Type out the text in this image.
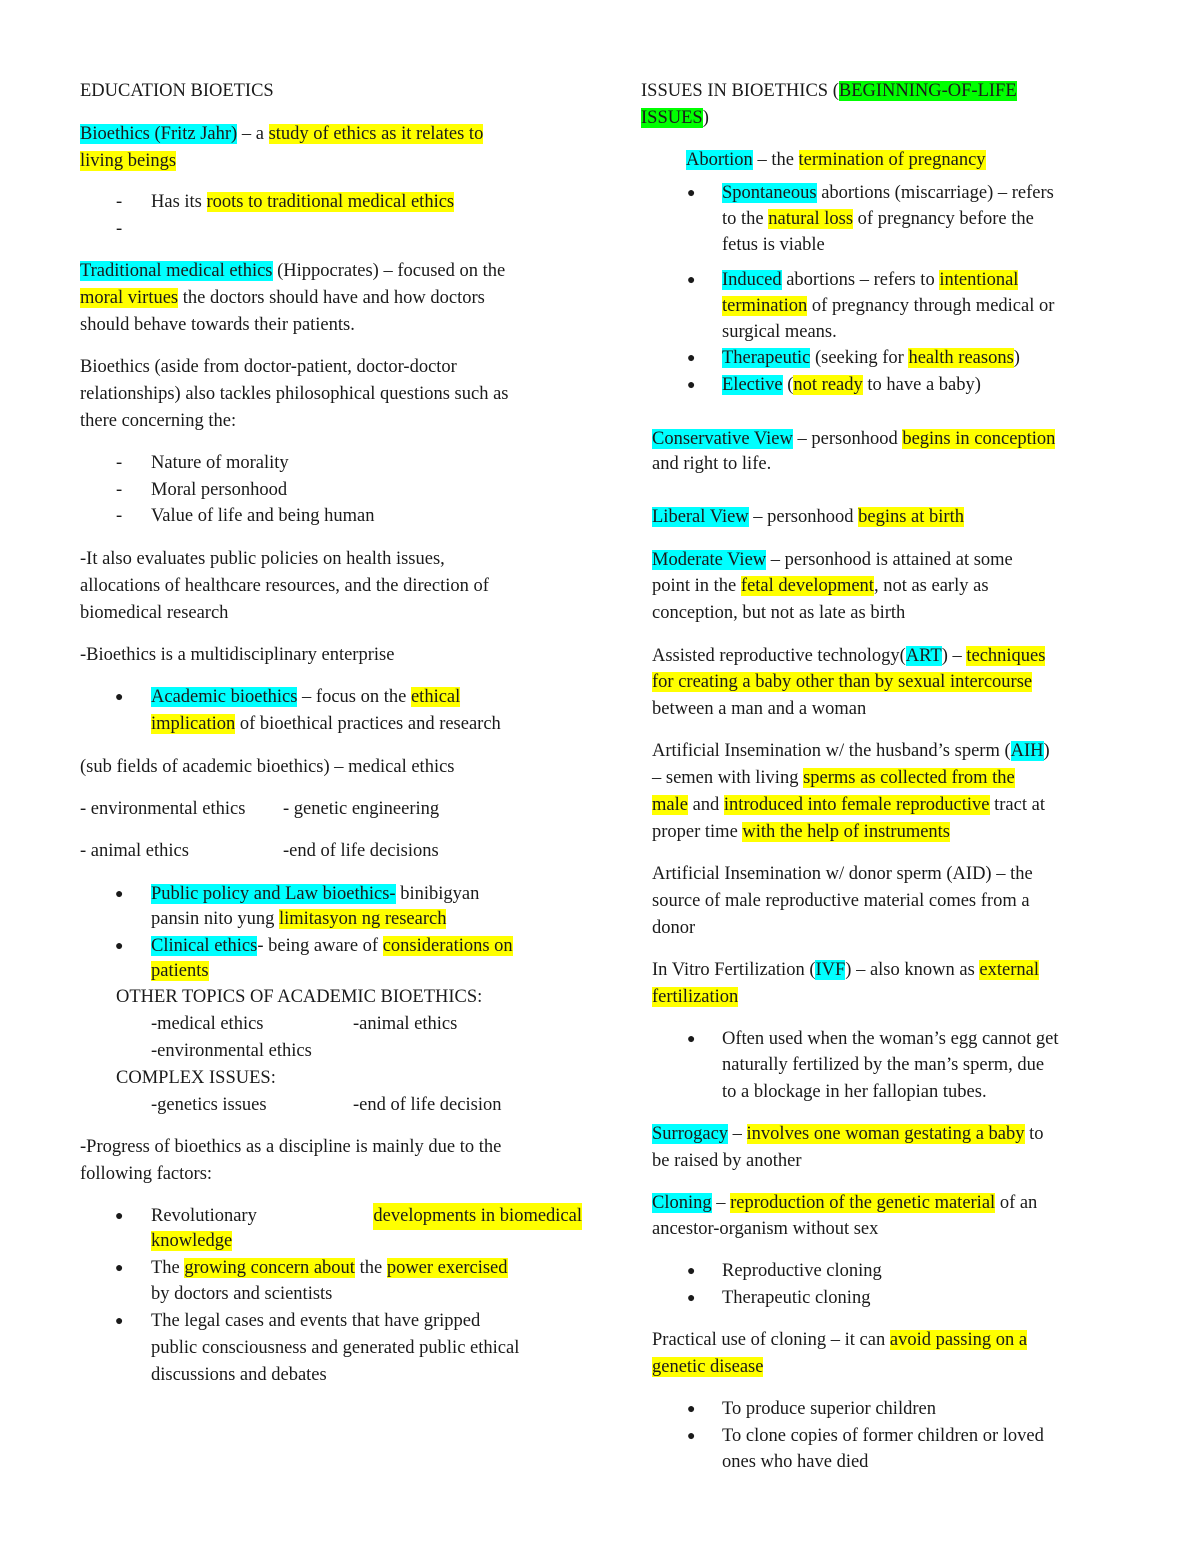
EDUCATION BIOETICS
Bioethics (Fritz Jahr) – a study of ethics as it relates to
living beings
- Has its roots to traditional medical ethics
-
Traditional medical ethics (Hippocrates) – focused on the
moral virtues the doctors should have and how doctors
should behave towards their patients.
Bioethics (aside from doctor-patient, doctor-doctor
relationships) also tackles philosophical questions such as
there concerning the:
- Nature of morality
- Moral personhood
- Value of life and being human
-It also evaluates public policies on health issues,
allocations of healthcare resources, and the direction of
biomedical research
-Bioethics is a multidisciplinary enterprise
● Academic bioethics – focus on the ethical
implication of bioethical practices and research
(sub fields of academic bioethics) – medical ethics
- environmental ethics - genetic engineering
- animal ethics	-end of life decisions
● Public policy and Law bioethics- binibigyan
pansin nito yung limitasyon ng research
● Clinical ethics- being aware of considerations on
patients
OTHER TOPICS OF ACADEMIC BIOETHICS:
-medical ethics	-animal ethics
-environmental ethics
COMPLEX ISSUES:
-genetics issues	-end of life decision
-Progress of bioethics as a discipline is mainly due to the
following factors:
● Revolutionary	developments in biomedical
knowledge
● The growing concern about the power exercised
by doctors and scientists
● The legal cases and events that have gripped
public consciousness and generated public ethical
discussions and debates
ISSUES IN BIOETHICS (BEGINNING-OF-LIFE
ISSUES)
Abortion – the termination of pregnancy
● Spontaneous abortions (miscarriage) – refers
to the natural loss of pregnancy before the
fetus is viable
● Induced abortions – refers to intentional
termination of pregnancy through medical or
surgical means.
● Therapeutic (seeking for health reasons)
● Elective (not ready to have a baby)
Conservative View – personhood begins in conception
and right to life.
Liberal View – personhood begins at birth
Moderate View – personhood is attained at some
point in the fetal development, not as early as
conception, but not as late as birth
Assisted reproductive technology(ART) – techniques
for creating a baby other than by sexual intercourse
between a man and a woman
Artificial Insemination w/ the husband’s sperm (AIH)
– semen with living sperms as collected from the
male and introduced into female reproductive tract at
proper time with the help of instruments
Artificial Insemination w/ donor sperm (AID) – the
source of male reproductive material comes from a
donor
In Vitro Fertilization (IVF) – also known as external
fertilization
● Often used when the woman’s egg cannot get
naturally fertilized by the man’s sperm, due
to a blockage in her fallopian tubes.
Surrogacy – involves one woman gestating a baby to
be raised by another
Cloning – reproduction of the genetic material of an
ancestor-organism without sex
● Reproductive cloning
● Therapeutic cloning
Practical use of cloning – it can avoid passing on a
genetic disease
● To produce superior children
● To clone copies of former children or loved
ones who have died
